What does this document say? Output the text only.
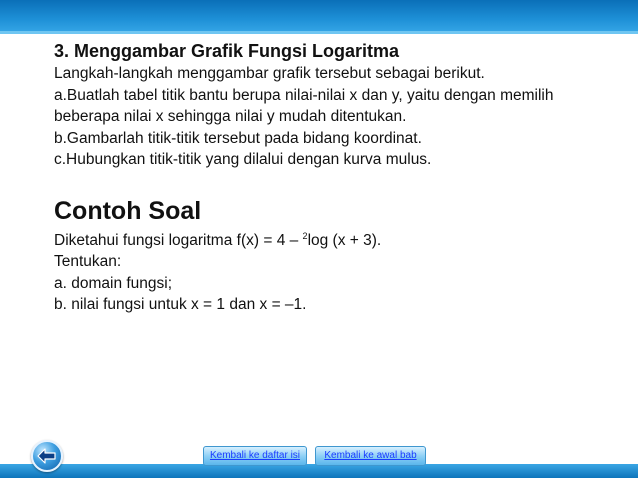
3. Menggambar Grafik Fungsi Logaritma

Langkah-langkah menggambar grafik tersebut sebagai berikut.

a.Buatlah tabel titik bantu berupa nilai-nilai x dan y, yaitu dengan memilih

beberapa nilai x sehingga nilai y mudah ditentukan.

b.Gambarlah titik-titik tersebut pada bidang koordinat.

c.Hubungkan titik-titik yang dilalui dengan kurva mulus.

Contoh Soal

Diketahui fungsi logaritma f(x) = 4 – $^2$log (x + 3).

Tentukan:

a. domain fungsi;

b. nilai fungsi untuk x = 1 dan x = –1.

Kembali ke daftar isi	Kembali ke awal bab
